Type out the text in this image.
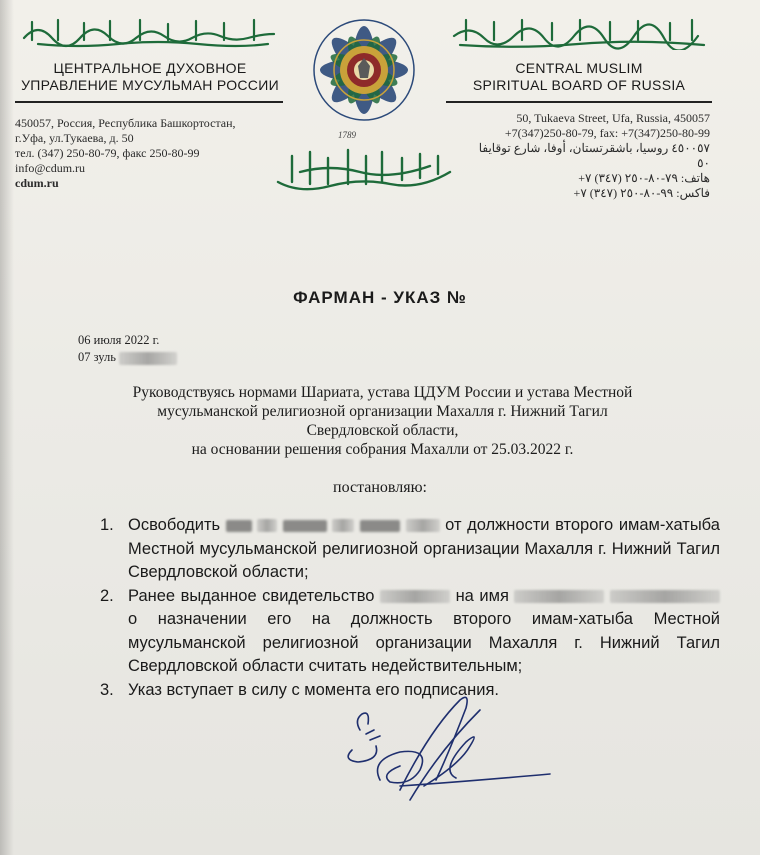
ЦЕНТРАЛЬНОЕ ДУХОВНОЕ
УПРАВЛЕНИЕ МУСУЛЬМАН РОССИИ
CENTRAL MUSLIM
SPIRITUAL BOARD OF RUSSIA
1789
450057, Россия, Республика Башкортостан,
г.Уфа, ул.Тукаева, д. 50
тел. (347) 250-80-79, факс 250-80-99
info@cdum.ru
cdum.ru
50, Tukaeva Street, Ufa, Russia, 450057
+7(347)250-80-79, fax: +7(347)250-80-99
٤٥٠٠٥٧ روسيا، باشقرتستان، أوفا، شارع توقايفا ٥٠
هاتف: ٧٩-٨٠-٢٥٠ (٣٤٧) ٧+
فاكس: ٩٩-٨٠-٢٥٠ (٣٤٧) ٧+
ФАРМАН - УКАЗ №
06 июля 2022 г.
07 зуль
Руководствуясь нормами Шариата, устава ЦДУМ России и устава Местной
мусульманской религиозной организации Махалля г. Нижний Тагил
Свердловской области,
на основании решения собрания Махалли от 25.03.2022 г.
постановляю:
1. Освободить	от должности второго имам-хатыба Местной мусульманской религиозной организации Махалля г. Нижний Тагил Свердловской области;
2. Ранее выданное свидетельство	на имя   о назначении его на должность второго имам-хатыба Местной мусульманской религиозной организации Махалля г. Нижний Тагил Свердловской области считать недействительным;
3. Указ вступает в силу с момента его подписания.
